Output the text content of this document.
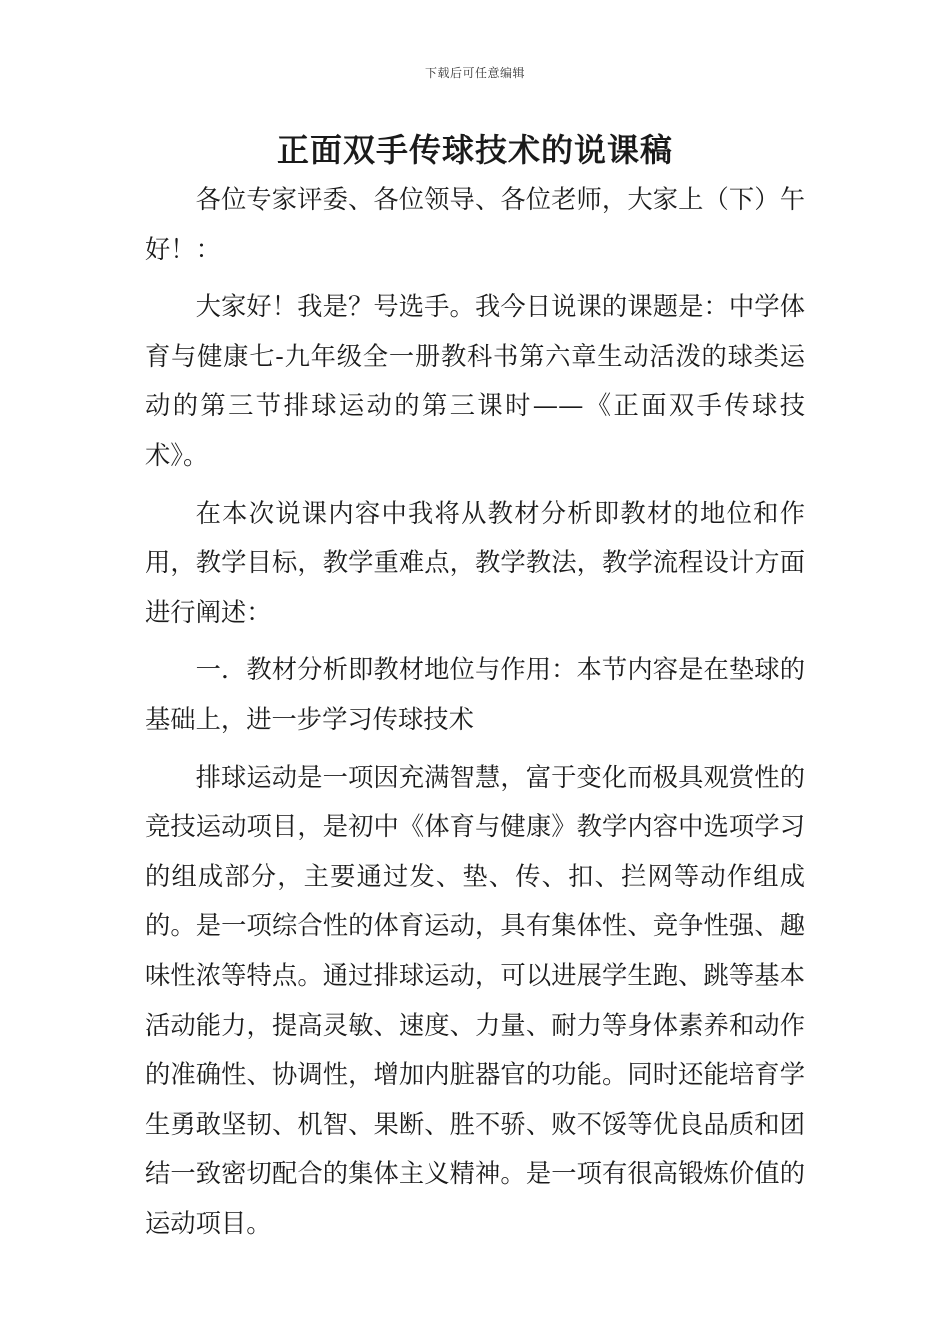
下载后可任意编辑
正面双手传球技术的说课稿

各位专家评委、各位领导、各位老师，大家上（下）午好！：

大家好！我是？号选手。我今日说课的课题是：中学体育与健康七-九年级全一册教科书第六章生动活泼的球类运动的第三节排球运动的第三课时——《正面双手传球技术》。

在本次说课内容中我将从教材分析即教材的地位和作用，教学目标，教学重难点，教学教法，教学流程设计方面进行阐述：

一．教材分析即教材地位与作用：本节内容是在垫球的基础上，进一步学习传球技术

排球运动是一项因充满智慧，富于变化而极具观赏性的竞技运动项目，是初中《体育与健康》教学内容中选项学习的组成部分，主要通过发、垫、传、扣、拦网等动作组成的。是一项综合性的体育运动，具有集体性、竞争性强、趣味性浓等特点。通过排球运动，可以进展学生跑、跳等基本活动能力，提高灵敏、速度、力量、耐力等身体素养和动作的准确性、协调性，增加内脏器官的功能。同时还能培育学生勇敢坚韧、机智、果断、胜不骄、败不馁等优良品质和团结一致密切配合的集体主义精神。是一项有很高锻炼价值的运动项目。
